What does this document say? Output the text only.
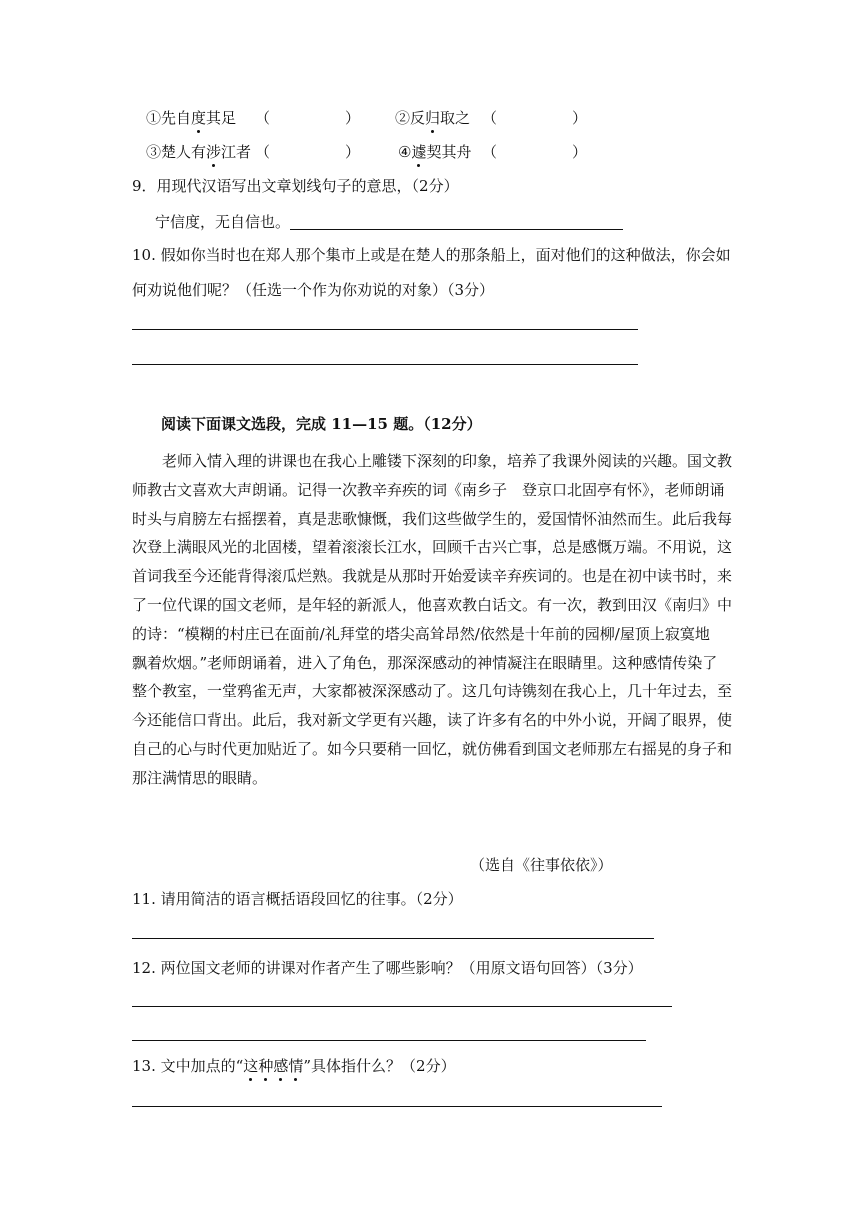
①先自度其足 （　　　　　） ②反归取之 （　　　　　）
③楚人有涉江者 （　　　　　）	④遽契其舟 （　　　　　）
9．用现代汉语写出文章划线句子的意思，（2分）
宁信度，无自信也。
10. 假如你当时也在郑人那个集市上或是在楚人的那条船上，面对他们的这种做法，你会如
何劝说他们呢？（任选一个作为你劝说的对象）（3分）
阅读下面课文选段，完成 11—15 题。（12分）
　　老师入情入理的讲课也在我心上雕镂下深刻的印象，培养了我课外阅读的兴趣。国文教
师教古文喜欢大声朗诵。记得一次教辛弃疾的词《南乡子　登京口北固亭有怀》，老师朗诵
时头与肩膀左右摇摆着，真是悲歌慷慨，我们这些做学生的，爱国情怀油然而生。此后我每
次登上满眼风光的北固楼，望着滚滚长江水，回顾千古兴亡事，总是感慨万端。不用说，这
首词我至今还能背得滚瓜烂熟。我就是从那时开始爱读辛弃疾词的。也是在初中读书时，来
了一位代课的国文老师，是年轻的新派人，他喜欢教白话文。有一次，教到田汉《南归》中
的诗：“模糊的村庄已在面前/礼拜堂的塔尖高耸昂然/依然是十年前的园柳/屋顶上寂寞地
飘着炊烟。”老师朗诵着，进入了角色，那深深感动的神情凝注在眼睛里。这种感情传染了
整个教室，一堂鸦雀无声，大家都被深深感动了。这几句诗镌刻在我心上，几十年过去，至
今还能信口背出。此后，我对新文学更有兴趣，读了许多有名的中外小说，开阔了眼界，使
自己的心与时代更加贴近了。如今只要稍一回忆，就仿佛看到国文老师那左右摇晃的身子和
那注满情思的眼睛。
（选自《往事依依》）
11. 请用简洁的语言概括语段回忆的往事。（2分）
12. 两位国文老师的讲课对作者产生了哪些影响？（用原文语句回答）（3分）
13. 文中加点的“这种感情”具体指什么？（2分）
